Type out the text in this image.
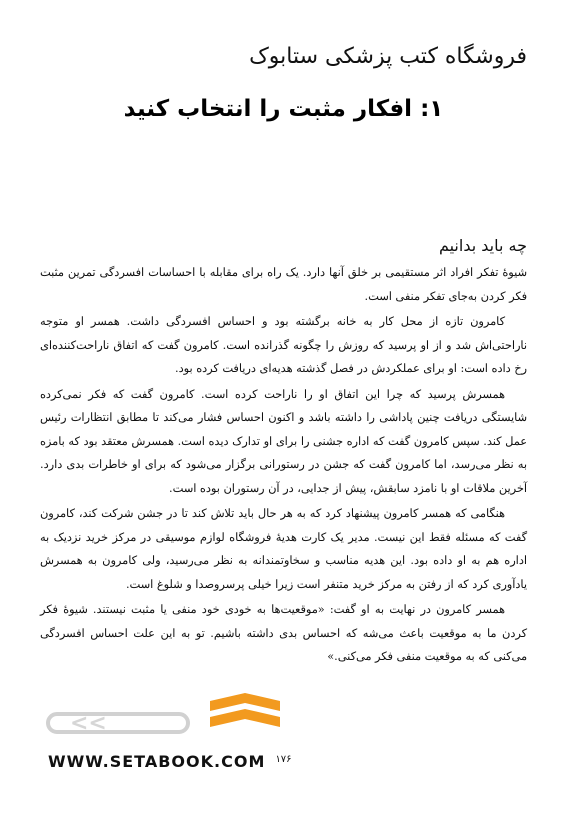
فروشگاه کتب پزشکی ستابوک
۱: افکار مثبت را انتخاب کنید
چه باید بدانیم

شیوهٔ تفکر افراد اثر مستقیمی بر خلق آنها دارد. یک راه برای مقابله با احساسات افسردگی تمرین مثبت فکر کردن به‌جای تفکر منفی است.

کامرون تازه از محل کار به خانه برگشته بود و احساس افسردگی داشت. همسر او متوجه ناراحتی‌اش شد و از او پرسید که روزش را چگونه گذرانده است. کامرون گفت که اتفاق ناراحت‌کننده‌ای رخ داده است: او برای عملکردش در فصل گذشته هدیه‌ای دریافت کرده بود.

همسرش پرسید که چرا این اتفاق او را ناراحت کرده است. کامرون گفت که فکر نمی‌کرده شایستگی دریافت چنین پاداشی را داشته باشد و اکنون احساس فشار می‌کند تا مطابق انتظارات رئیس عمل کند. سپس کامرون گفت که اداره جشنی را برای او تدارک دیده است. همسرش معتقد بود که بامزه به نظر می‌رسد، اما کامرون گفت که جشن در رستورانی برگزار می‌شود که برای او خاطرات بدی دارد. آخرین ملاقات او با نامزد سابقش، پیش از جدایی، در آن رستوران بوده است.

هنگامی که همسر کامرون پیشنهاد کرد که به هر حال باید تلاش کند تا در جشن شرکت کند، کامرون گفت که مسئله فقط این نیست. مدیر یک کارت هدیهٔ فروشگاه لوازم موسیقی در مرکز خرید نزدیک به اداره هم به او داده بود. این هدیه مناسب و سخاوتمندانه به نظر می‌رسید، ولی کامرون به همسرش یادآوری کرد که از رفتن به مرکز خرید متنفر است زیرا خیلی پرسروصدا و شلوغ است.

همسر کامرون در نهایت به او گفت: «موقعیت‌ها به خودی خود منفی یا مثبت نیستند. شیوهٔ فکر کردن ما به موقعیت باعث می‌شه که احساس بدی داشته باشیم. تو به این علت احساس افسردگی می‌کنی که به موقعیت منفی فکر می‌کنی.»

<<
WWW.SETABOOK.COM	۱۷۶
